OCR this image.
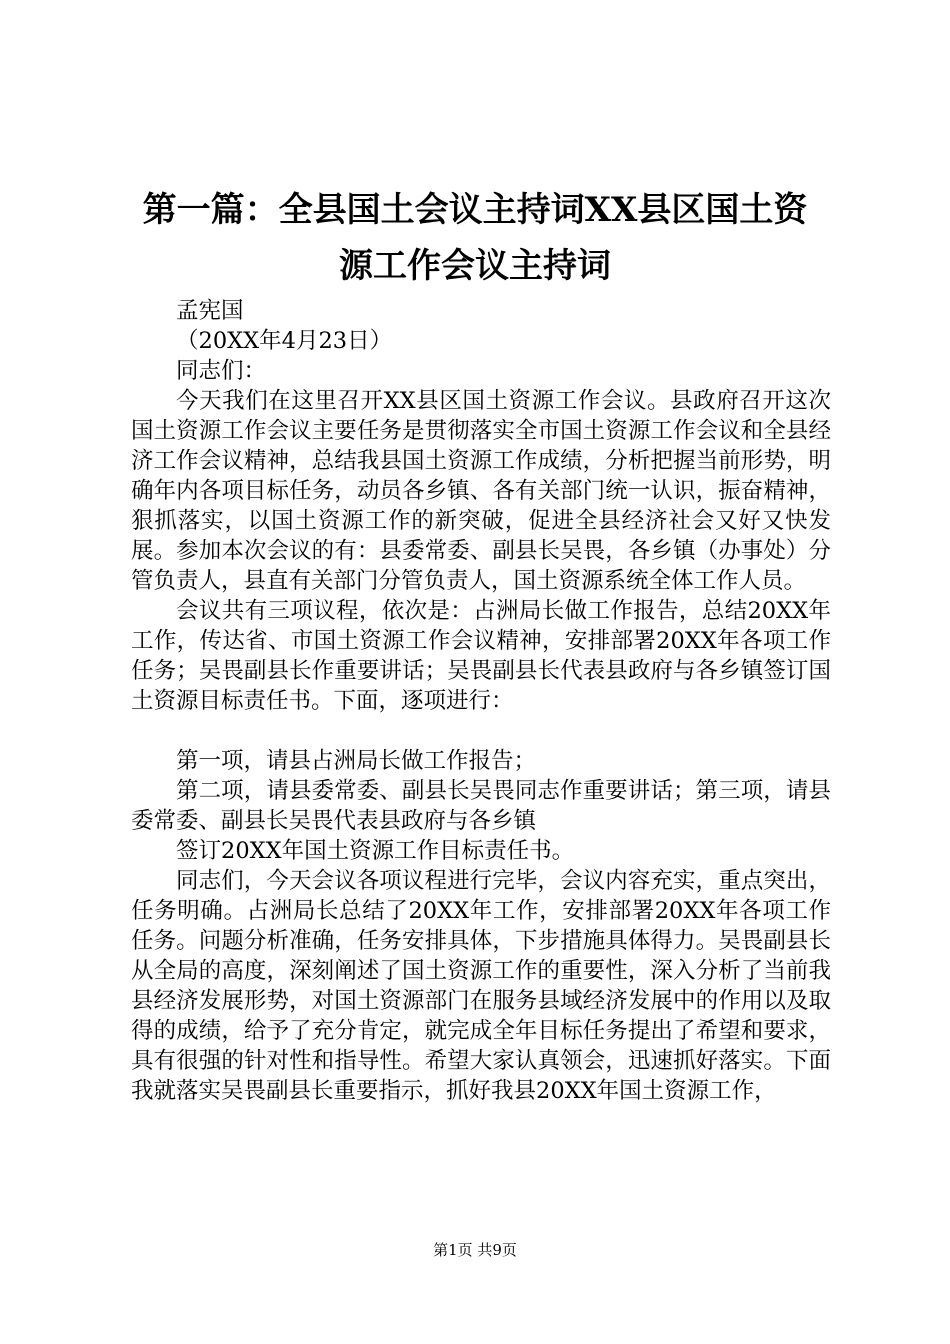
第一篇：全县国土会议主持词XX县区国土资
源工作会议主持词

孟宪国

（20XX年4月23日）

同志们：

今天我们在这里召开XX县区国土资源工作会议。县政府召开这次国土资源工作会议主要任务是贯彻落实全市国土资源工作会议和全县经济工作会议精神，总结我县国土资源工作成绩，分析把握当前形势，明确年内各项目标任务，动员各乡镇、各有关部门统一认识，振奋精神，狠抓落实，以国土资源工作的新突破，促进全县经济社会又好又快发展。参加本次会议的有：县委常委、副县长吴畏，各乡镇（办事处）分管负责人，县直有关部门分管负责人，国土资源系统全体工作人员。

会议共有三项议程，依次是：占洲局长做工作报告，总结20XX年工作，传达省、市国土资源工作会议精神，安排部署20XX年各项工作任务；吴畏副县长作重要讲话；吴畏副县长代表县政府与各乡镇签订国土资源目标责任书。下面，逐项进行：

第一项，请县占洲局长做工作报告；

第二项，请县委常委、副县长吴畏同志作重要讲话；第三项，请县委常委、副县长吴畏代表县政府与各乡镇

签订20XX年国土资源工作目标责任书。

同志们，今天会议各项议程进行完毕，会议内容充实，重点突出，任务明确。占洲局长总结了20XX年工作，安排部署20XX年各项工作任务。问题分析准确，任务安排具体，下步措施具体得力。吴畏副县长从全局的高度，深刻阐述了国土资源工作的重要性，深入分析了当前我县经济发展形势，对国土资源部门在服务县域经济发展中的作用以及取得的成绩，给予了充分肯定，就完成全年目标任务提出了希望和要求，具有很强的针对性和指导性。希望大家认真领会，迅速抓好落实。下面我就落实吴畏副县长重要指示，抓好我县20XX年国土资源工作，

第1页 共9页
